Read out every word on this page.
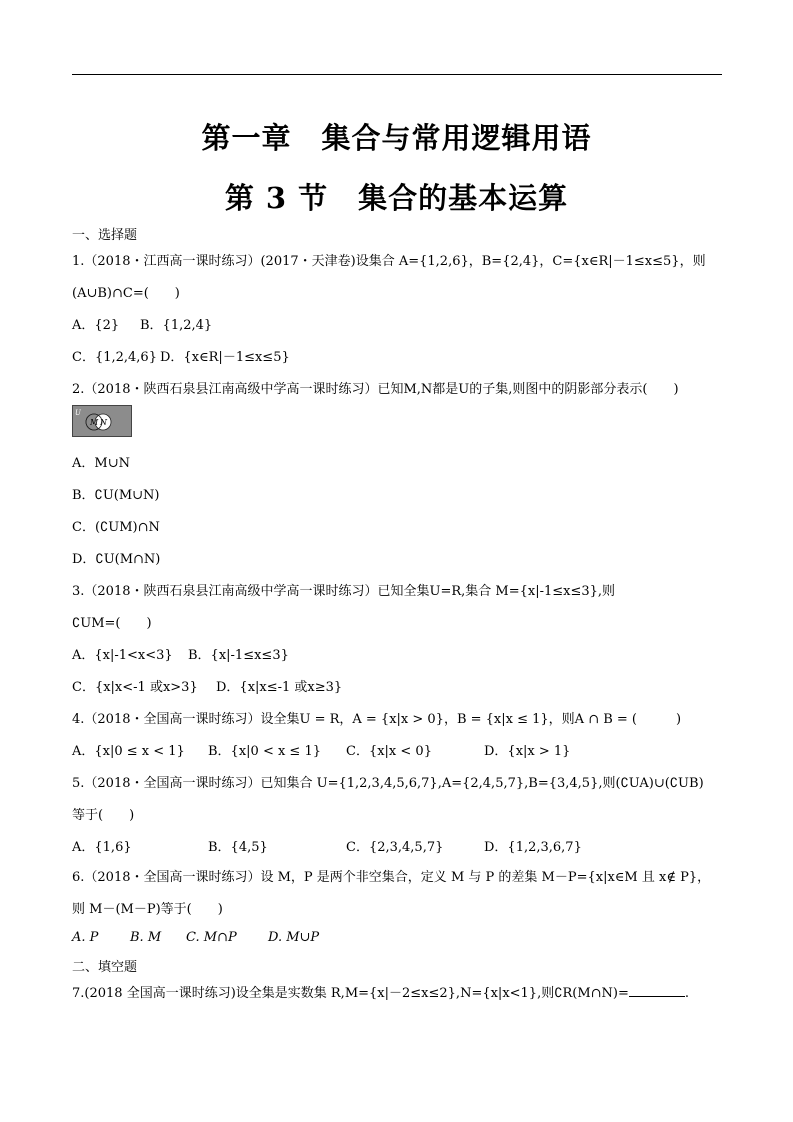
第一章　集合与常用逻辑用语
第 3 节　集合的基本运算
一、选择题
1.（2018・江西高一课时练习）(2017・天津卷)设集合 A={1,2,6}，B={2,4}，C={x∈R|－1≤x≤5}，则
(A∪B)∩C=(　　)
A．{2} B．{1,2,4}
C．{1,2,4,6} D．{x∈R|－1≤x≤5}
2.（2018・陕西石泉县江南高级中学高一课时练习）已知M,N都是U的子集,则图中的阴影部分表示(　　)
U
M N
A．M∪N
B．∁U(M∪N)
C．(∁UM)∩N
D．∁U(M∩N)
3.（2018・陕西石泉县江南高级中学高一课时练习）已知全集U=R,集合 M={x|-1≤x≤3},则
∁UM=(　　)
A．{x|-1<x<3} B．{x|-1≤x≤3}
C．{x|x<-1 或x>3} D．{x|x≤-1 或x≥3}
4.（2018・全国高一课时练习）设全集U = R，A = {x|x > 0}，B = {x|x ≤ 1}，则A ∩ B = (　　　)
A．{x|0 ≤ x < 1} B．{x|0 < x ≤ 1} C．{x|x < 0}	D．{x|x > 1}
5.（2018・全国高一课时练习）已知集合 U={1,2,3,4,5,6,7},A={2,4,5,7},B={3,4,5},则(∁UA)∪(∁UB)
等于(　　)
A．{1,6}	B．{4,5}	C．{2,3,4,5,7}	D．{1,2,3,6,7}
6.（2018・全国高一课时练习）设 M，P 是两个非空集合，定义 M 与 P 的差集 M－P={x|x∈M 且 x∉ P}，
则 M－(M－P)等于(　　)
A. P B. M C. M∩P D. M∪P
二、填空题
7.(2018 全国高一课时练习)设全集是实数集 R,M={x|－2≤x≤2},N={x|x<1},则∁R(M∩N)=	.
